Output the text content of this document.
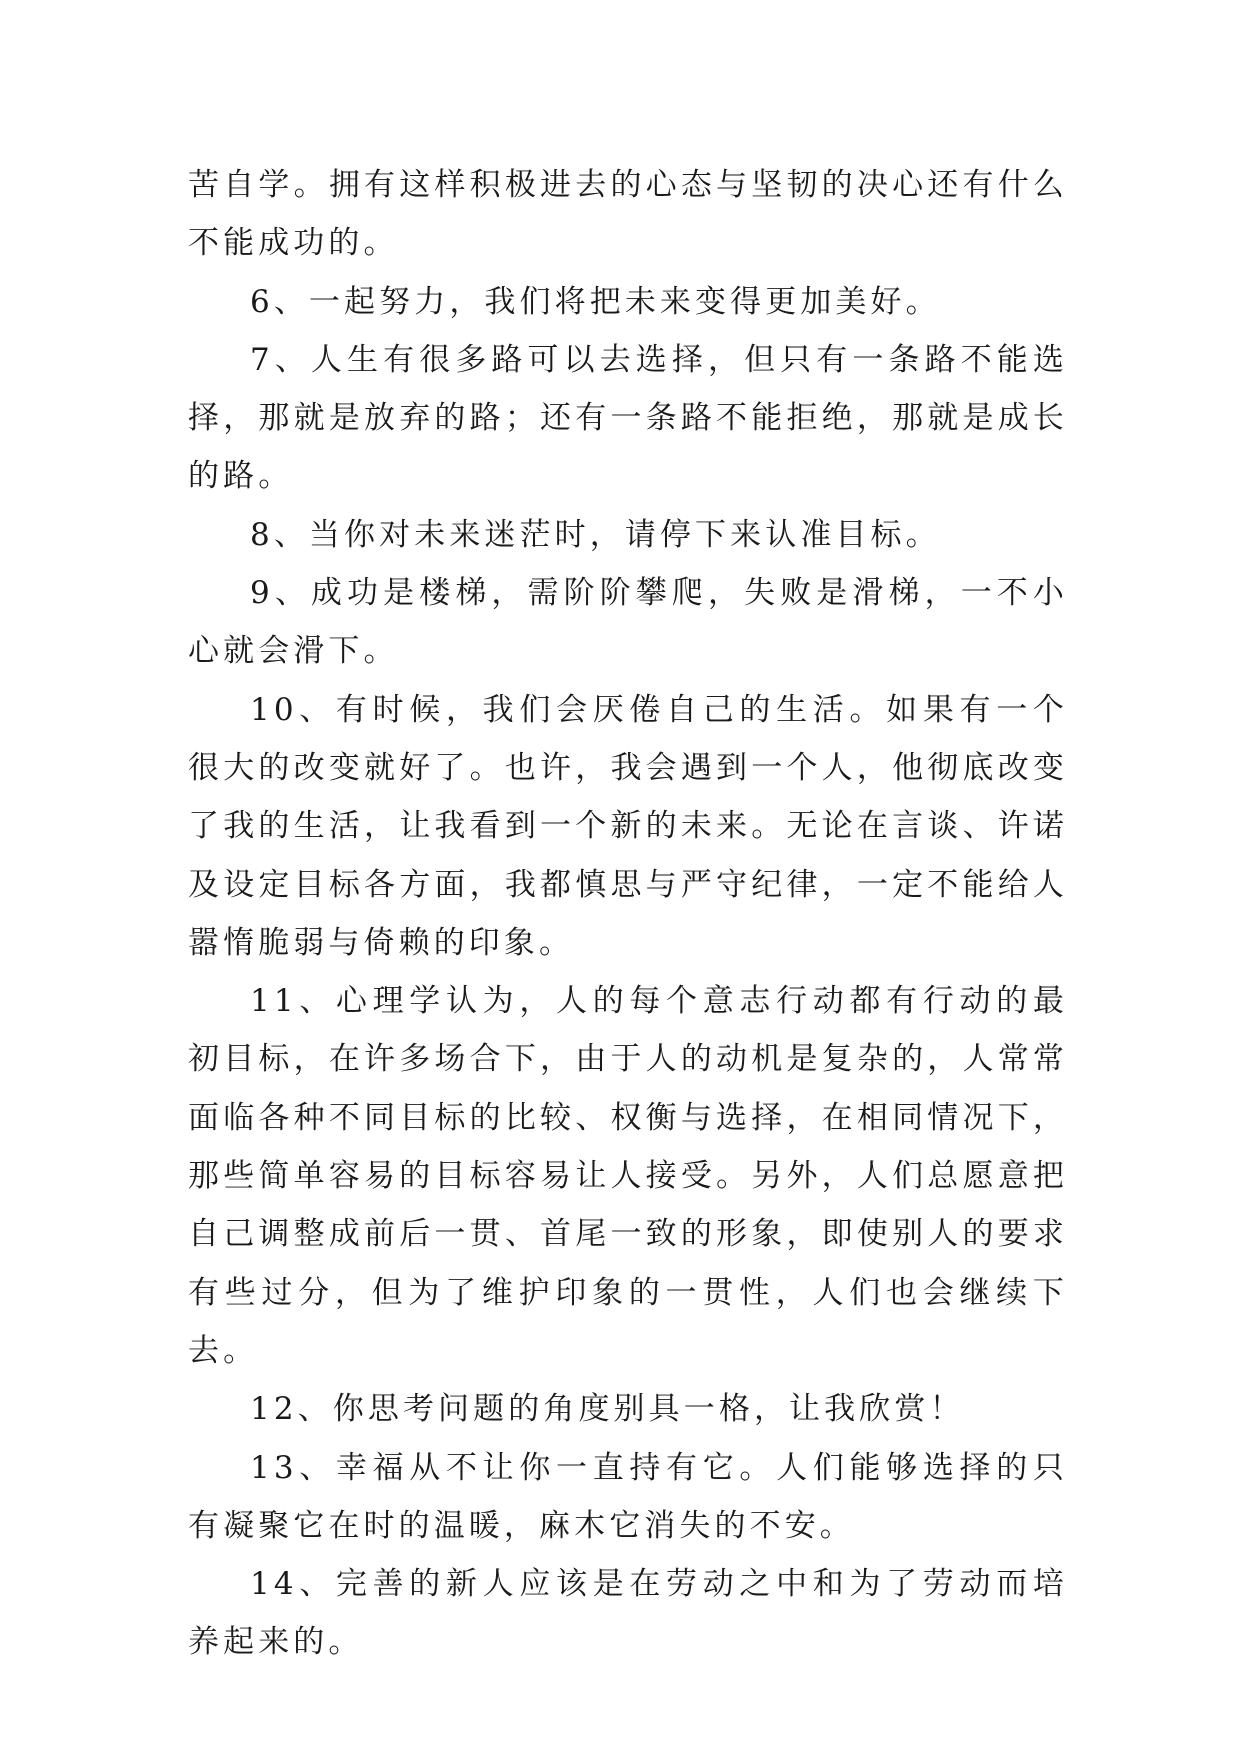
苦自学。拥有这样积极进去的心态与坚韧的决心还有什么不能成功的。

6、一起努力，我们将把未来变得更加美好。

7、人生有很多路可以去选择，但只有一条路不能选择，那就是放弃的路；还有一条路不能拒绝，那就是成长的路。

8、当你对未来迷茫时，请停下来认准目标。

9、成功是楼梯，需阶阶攀爬，失败是滑梯，一不小心就会滑下。

10、有时候，我们会厌倦自己的生活。如果有一个很大的改变就好了。也许，我会遇到一个人，他彻底改变了我的生活，让我看到一个新的未来。无论在言谈、许诺及设定目标各方面，我都慎思与严守纪律，一定不能给人嚣惰脆弱与倚赖的印象。

11、心理学认为，人的每个意志行动都有行动的最初目标，在许多场合下，由于人的动机是复杂的，人常常面临各种不同目标的比较、权衡与选择，在相同情况下，那些简单容易的目标容易让人接受。另外，人们总愿意把自己调整成前后一贯、首尾一致的形象，即使别人的要求有些过分，但为了维护印象的一贯性，人们也会继续下去。

12、你思考问题的角度别具一格，让我欣赏！

13、幸福从不让你一直持有它。人们能够选择的只有凝聚它在时的温暖，麻木它消失的不安。

14、完善的新人应该是在劳动之中和为了劳动而培养起来的。
